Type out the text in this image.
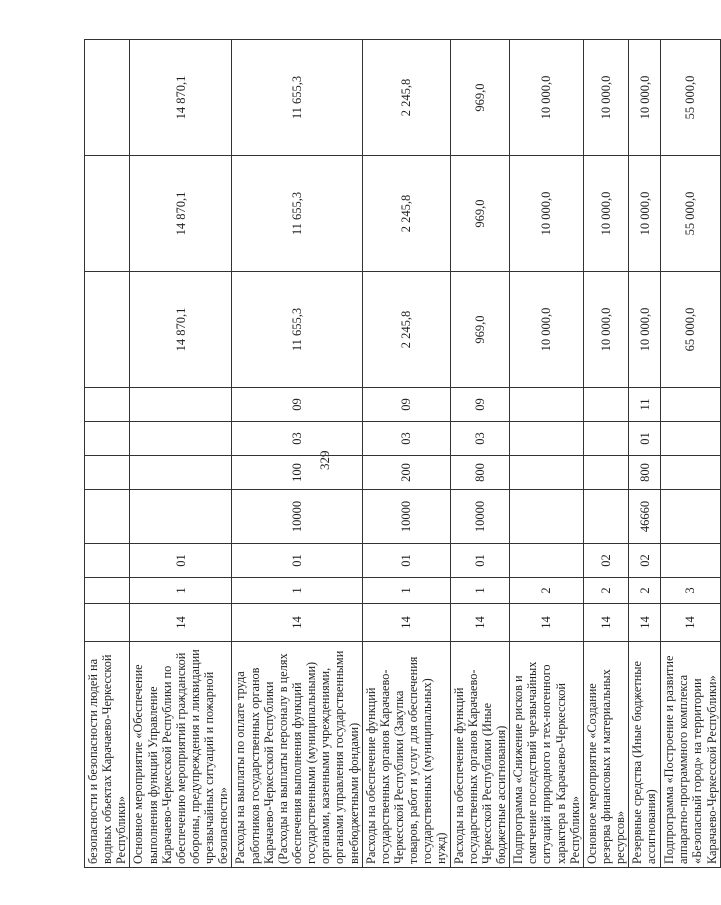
329
безопасности и безопасности людей на водных объектах Карачаево-Черкесской Республики»										
Основное мероприятие «Обеспечение выполнения функций Управление Карачаево-Черкесской Республики по обеспечению мероприятий гражданской обороны, предупреждения и ликвидации чрезвычайных ситуаций и пожарной безопасности»	14	1	01					14 870,1	14 870,1	14 870,1
Расходы на выплаты по оплате труда работников государственных органов Карачаево-Черкесской Республики (Расходы на выплаты персоналу в целях обеспечения выполнения функций государственными (муниципальными) органами, казенными учреждениями, органами управления государственными внебюджетными фондами)	14	1	01	10000	100	03	09	11 655,3	11 655,3	11 655,3
Расходы на обеспечение функций государственных органов Карачаево-Черкесской Республики (Закупка товаров, работ и услуг для обеспечения государственных (муниципальных) нужд)	14	1	01	10000	200	03	09	2 245,8	2 245,8	2 245,8
Расходы на обеспечение функций государственных органов Карачаево-Черкесской Республики (Иные бюджетные ассигнования)	14	1	01	10000	800	03	09	969,0	969,0	969,0
Подпрограмма «Снижение рисков и смягчение последствий чрезвычайных ситуаций природного и тех-ногенного характера в Карачаево-Черкесской Республики»	14	2						10 000,0	10 000,0	10 000,0
Основное мероприятие «Создание резерва финансовых и материальных ресурсов»	14	2	02					10 000,0	10 000,0	10 000,0
Резервные средства (Иные бюджетные ассигнования)	14	2	02	46660	800	01	11	10 000,0	10 000,0	10 000,0
Подпрограмма «Построение и развитие аппаратно-программного комплекса «Безопасный город» на территории Карачаево-Черкесской Республики»	14	3						65 000,0	55 000,0	55 000,0
